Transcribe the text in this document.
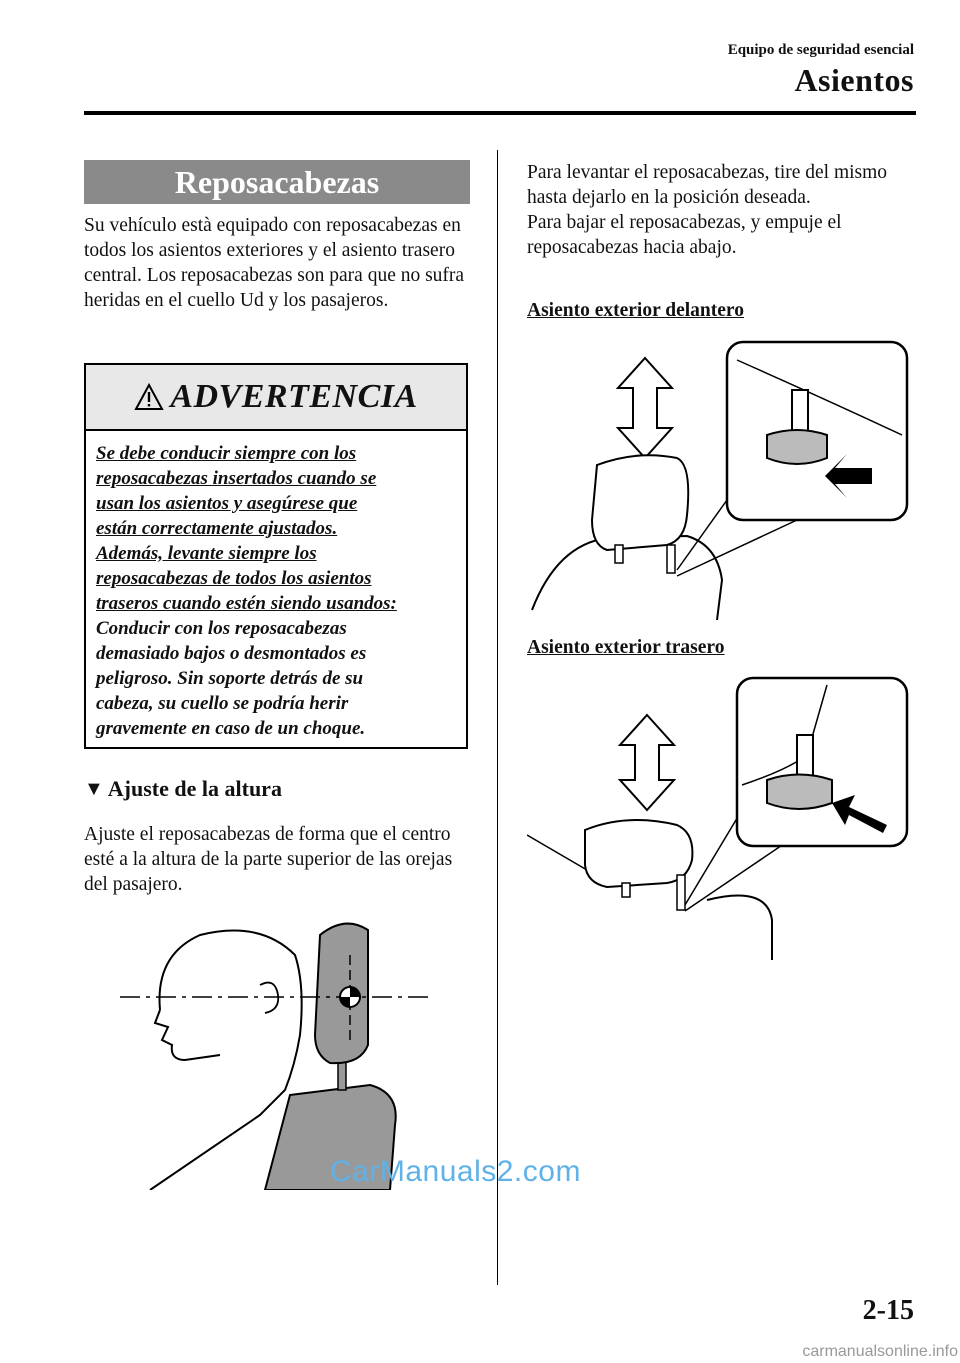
Equipo de seguridad esencial
Asientos
Reposacabezas
Su vehículo està equipado con reposacabezas en todos los asientos exteriores y el asiento trasero central. Los reposacabezas son para que no sufra heridas en el cuello Ud y los pasajeros.
ADVERTENCIA
Se debe conducir siempre con los
reposacabezas insertados cuando se
usan los asientos y asegúrese que
están correctamente ajustados.
Además, levante siempre los
reposacabezas de todos los asientos
traseros cuando estén siendo usandos:
Conducir con los reposacabezas
demasiado bajos o desmontados es
peligroso. Sin soporte detrás de su
cabeza, su cuello se podría herir
gravemente en caso de un choque.
▼ Ajuste de la altura
Ajuste el reposacabezas de forma que el centro esté a la altura de la parte superior de las orejas del pasajero.
Para levantar el reposacabezas, tire del mismo hasta dejarlo en la posición deseada.
Para bajar el reposacabezas, y empuje el reposacabezas hacia abajo.
Asiento exterior delantero
Asiento exterior trasero
CarManuals2.com
2-15
carmanualsonline.info
